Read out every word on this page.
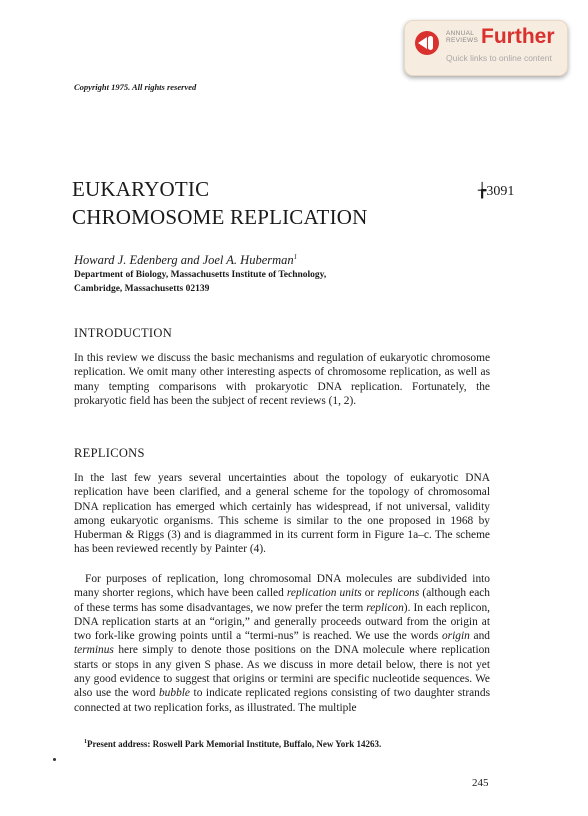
ANNUAL
REVIEWS Further
Quick links to online content
Copyright 1975. All rights reserved
EUKARYOTIC
CHROMOSOME REPLICATION
╆3091
Howard J. Edenberg and Joel A. Huberman$^1$
Department of Biology, Massachusetts Institute of Technology,
Cambridge, Massachusetts 02139
INTRODUCTION
In this review we discuss the basic mechanisms and regulation of eukaryotic chromosome replication. We omit many other interesting aspects of chromosome replication, as well as many tempting comparisons with prokaryotic DNA replication. Fortunately, the prokaryotic field has been the subject of recent reviews (1, 2).
REPLICONS
In the last few years several uncertainties about the topology of eukaryotic DNA replication have been clarified, and a general scheme for the topology of chromosomal DNA replication has emerged which certainly has widespread, if not universal, validity among eukaryotic organisms. This scheme is similar to the one proposed in 1968 by Huberman & Riggs (3) and is diagrammed in its current form in Figure 1a–c. The scheme has been reviewed recently by Painter (4).
For purposes of replication, long chromosomal DNA molecules are subdivided into many shorter regions, which have been called replication units or replicons (although each of these terms has some disadvantages, we now prefer the term replicon). In each replicon, DNA replication starts at an “origin,” and generally proceeds outward from the origin at two fork-like growing points until a “termi-nus” is reached. We use the words origin and terminus here simply to denote those positions on the DNA molecule where replication starts or stops in any given S phase. As we discuss in more detail below, there is not yet any good evidence to suggest that origins or termini are specific nucleotide sequences. We also use the word bubble to indicate replicated regions consisting of two daughter strands connected at two replication forks, as illustrated. The multiple
$^1$Present address: Roswell Park Memorial Institute, Buffalo, New York 14263.
245
